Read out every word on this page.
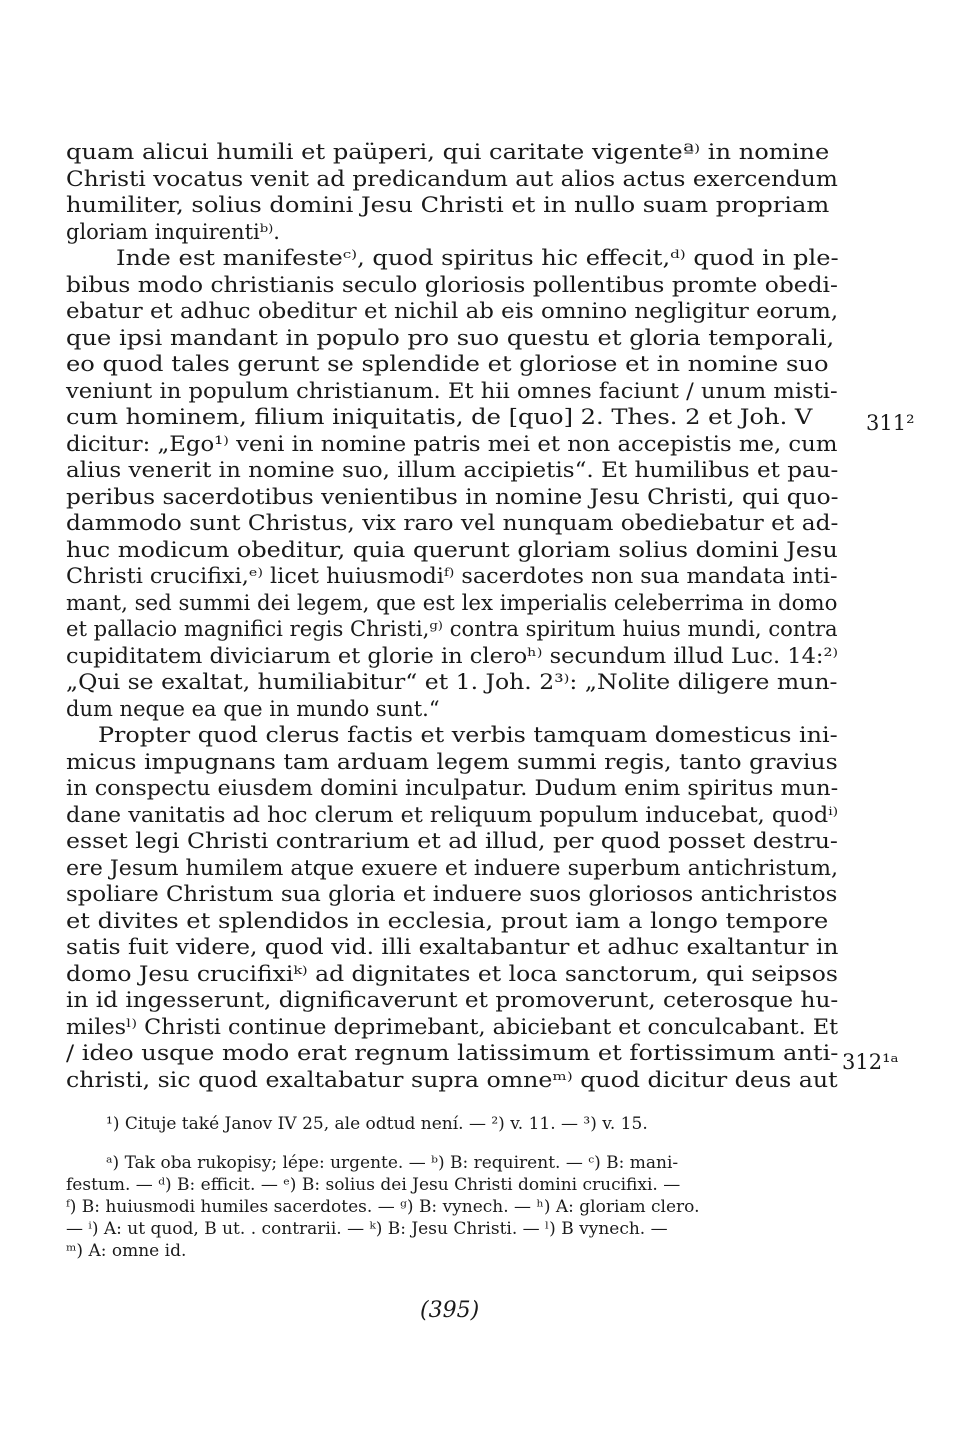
quam alicui humili et paüperi, qui caritate vigenteª⁾ in nomine
Christi vocatus venit ad predicandum aut alios actus exercendum
humiliter, solius domini Jesu Christi et in nullo suam propriam
gloriam inquirentiᵇ⁾.
Inde est manifesteᶜ⁾, quod spiritus hic effecit,ᵈ⁾ quod in ple-
bibus modo christianis seculo gloriosis pollentibus promte obedi-
ebatur et adhuc obeditur et nichil ab eis omnino negligitur eorum,
que ipsi mandant in populo pro suo questu et gloria temporali,
eo quod tales gerunt se splendide et gloriose et in nomine suo
veniunt in populum christianum. Et hii omnes faciunt / unum misti-
cum hominem, filium iniquitatis, de [quo] 2. Thes. 2 et Joh. V
dicitur: „Ego¹⁾ veni in nomine patris mei et non accepistis me, cum
alius venerit in nomine suo, illum accipietis“. Et humilibus et pau-
peribus sacerdotibus venientibus in nomine Jesu Christi, qui quo-
dammodo sunt Christus, vix raro vel nunquam obediebatur et ad-
huc modicum obeditur, quia querunt gloriam solius domini Jesu
Christi crucifixi,ᵉ⁾ licet huiusmodiᶠ⁾ sacerdotes non sua mandata inti-
mant, sed summi dei legem, que est lex imperialis celeberrima in domo
et pallacio magnifici regis Christi,ᵍ⁾ contra spiritum huius mundi, contra
cupiditatem diviciarum et glorie in cleroʰ⁾ secundum illud Luc. 14:²⁾
„Qui se exaltat, humiliabitur“ et 1. Joh. 2³⁾: „Nolite diligere mun-
dum neque ea que in mundo sunt.“
Propter quod clerus factis et verbis tamquam domesticus ini-
micus impugnans tam arduam legem summi regis, tanto gravius
in conspectu eiusdem domini inculpatur. Dudum enim spiritus mun-
dane vanitatis ad hoc clerum et reliquum populum inducebat, quodⁱ⁾
esset legi Christi contrarium et ad illud, per quod posset destru-
ere Jesum humilem atque exuere et induere superbum antichristum,
spoliare Christum sua gloria et induere suos gloriosos antichristos
et divites et splendidos in ecclesia, prout iam a longo tempore
satis fuit videre, quod vid. illi exaltabantur et adhuc exaltantur in
domo Jesu crucifixiᵏ⁾ ad dignitates et loca sanctorum, qui seipsos
in id ingesserunt, dignificaverunt et promoverunt, ceterosque hu-
milesˡ⁾ Christi continue deprimebant, abiciebant et conculcabant. Et
/ ideo usque modo erat regnum latissimum et fortissimum anti-
christi, sic quod exaltabatur supra omneᵐ⁾ quod dicitur deus aut
311²
312¹ᵃ
¹) Cituje také Janov IV 25, ale odtud není. — ²) v. 11. — ³) v. 15.
ᵃ) Tak oba rukopisy; lépe: urgente. — ᵇ) B: requirent. — ᶜ) B: mani-
festum. — ᵈ) B: efficit. — ᵉ) B: solius dei Jesu Christi domini crucifixi. —
ᶠ) B: huiusmodi humiles sacerdotes. — ᵍ) B: vynech. — ʰ) A: gloriam clero.
— ⁱ) A: ut quod, B ut. . contrarii. — ᵏ) B: Jesu Christi. — ˡ) B vynech. —
ᵐ) A: omne id.
(395)
